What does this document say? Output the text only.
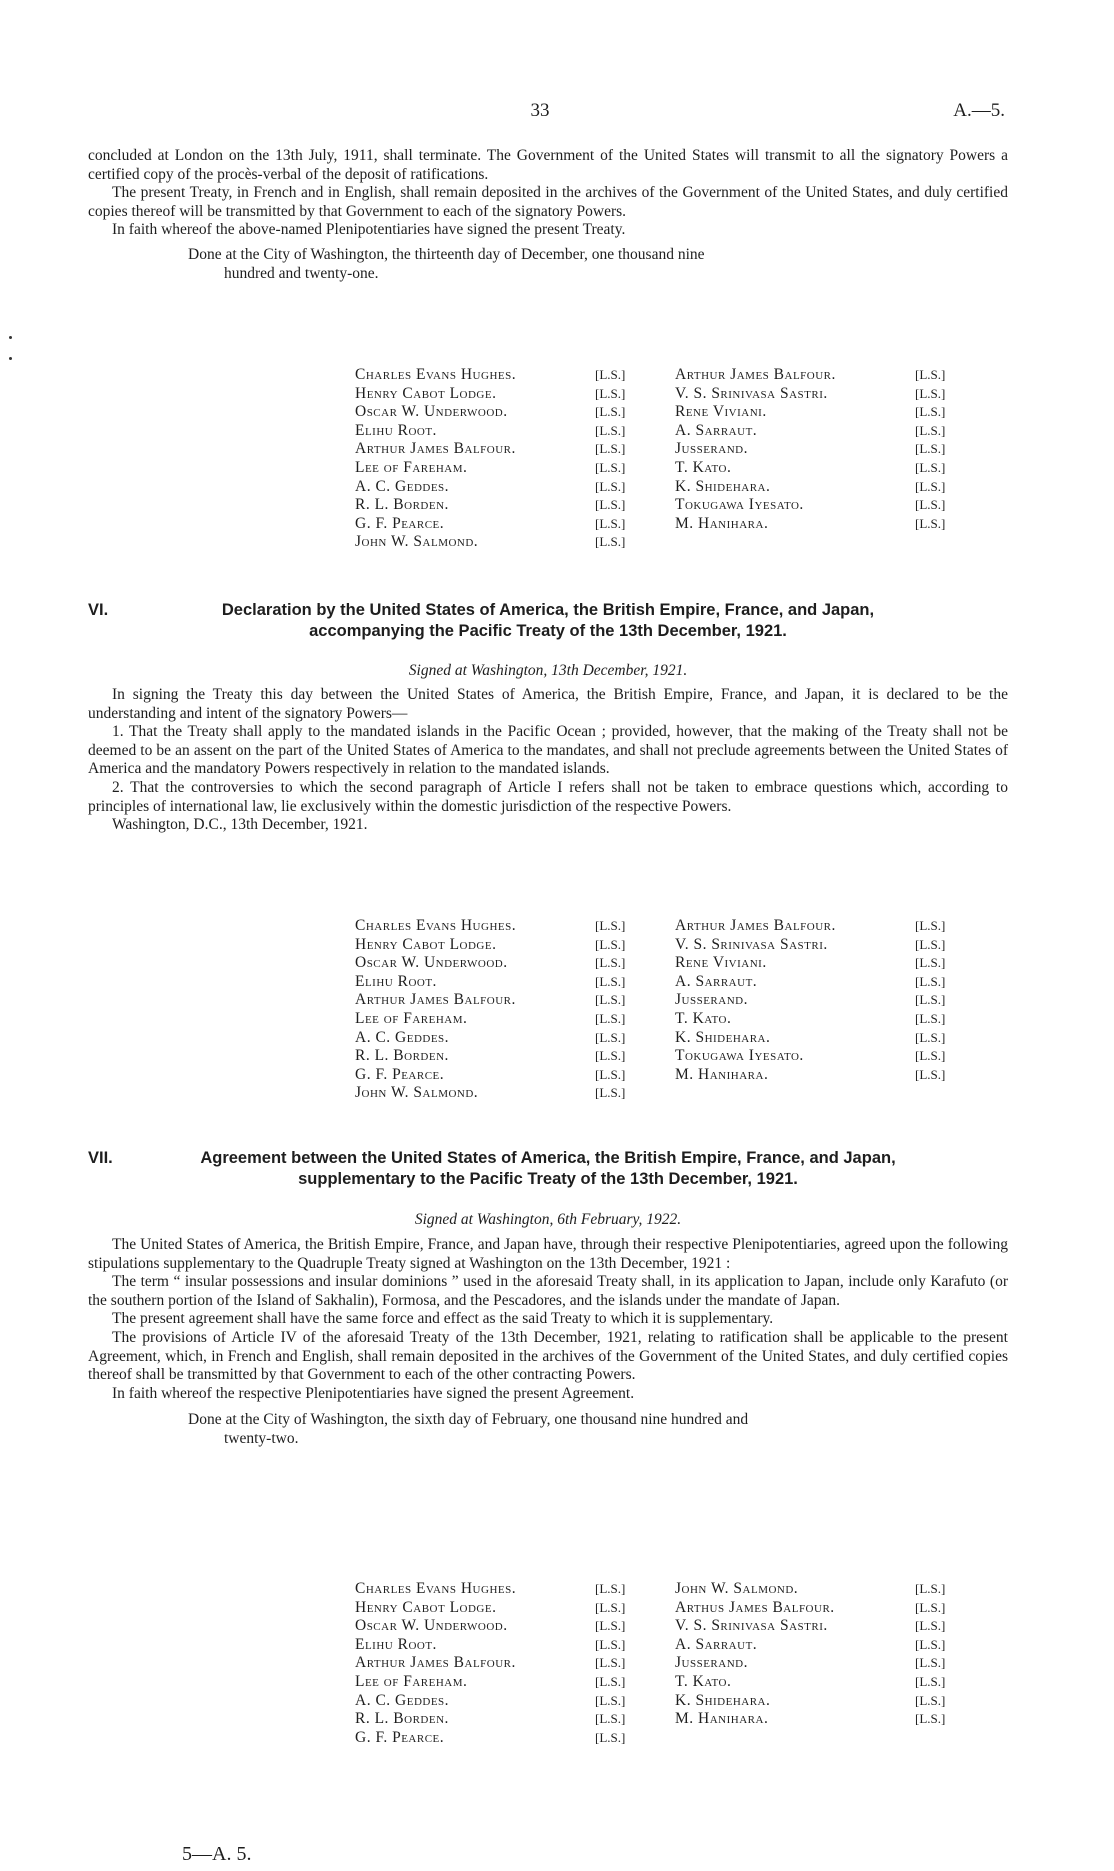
33	A.—5.

concluded at London on the 13th July, 1911, shall terminate. The Government of the United States will transmit to all the signatory Powers a certified copy of the procès-verbal of the deposit of ratifications.

The present Treaty, in French and in English, shall remain deposited in the archives of the Government of the United States, and duly certified copies thereof will be transmitted by that Government to each of the signatory Powers.

In faith whereof the above-named Plenipotentiaries have signed the present Treaty.

Done at the City of Washington, the thirteenth day of December, one thousand nine
hundred and twenty-one.

Charles Evans Hughes.	[L.S.]
Henry Cabot Lodge.	[L.S.]
Oscar W. Underwood.	[L.S.]
Elihu Root.	[L.S.]
Arthur James Balfour.	[L.S.]
Lee of Fareham.	[L.S.]
A. C. Geddes.	[L.S.]
R. L. Borden.	[L.S.]
G. F. Pearce.	[L.S.]
John W. Salmond.	[L.S.]
Arthur James Balfour.	[L.S.]
V. S. Srinivasa Sastri.	[L.S.]
Rene Viviani.	[L.S.]
A. Sarraut.	[L.S.]
Jusserand.	[L.S.]
T. Kato.	[L.S.]
K. Shidehara.	[L.S.]
Tokugawa Iyesato.	[L.S.]
M. Hanihara.	[L.S.]
VI.	Declaration by the United States of America, the British Empire, France, and Japan,
accompanying the Pacific Treaty of the 13th December, 1921.
Signed at Washington, 13th December, 1921.

In signing the Treaty this day between the United States of America, the British Empire, France, and Japan, it is declared to be the understanding and intent of the signatory Powers—

1. That the Treaty shall apply to the mandated islands in the Pacific Ocean ; provided, however, that the making of the Treaty shall not be deemed to be an assent on the part of the United States of America to the mandates, and shall not preclude agreements between the United States of America and the mandatory Powers respectively in relation to the mandated islands.

2. That the controversies to which the second paragraph of Article I refers shall not be taken to embrace questions which, according to principles of international law, lie exclusively within the domestic jurisdiction of the respective Powers.

Washington, D.C., 13th December, 1921.

Charles Evans Hughes.	[L.S.]
Henry Cabot Lodge.	[L.S.]
Oscar W. Underwood.	[L.S.]
Elihu Root.	[L.S.]
Arthur James Balfour.	[L.S.]
Lee of Fareham.	[L.S.]
A. C. Geddes.	[L.S.]
R. L. Borden.	[L.S.]
G. F. Pearce.	[L.S.]
John W. Salmond.	[L.S.]
Arthur James Balfour.	[L.S.]
V. S. Srinivasa Sastri.	[L.S.]
Rene Viviani.	[L.S.]
A. Sarraut.	[L.S.]
Jusserand.	[L.S.]
T. Kato.	[L.S.]
K. Shidehara.	[L.S.]
Tokugawa Iyesato.	[L.S.]
M. Hanihara.	[L.S.]
VII.	Agreement between the United States of America, the British Empire, France, and Japan,
supplementary to the Pacific Treaty of the 13th December, 1921.
Signed at Washington, 6th February, 1922.

The United States of America, the British Empire, France, and Japan have, through their respective Plenipotentiaries, agreed upon the following stipulations supplementary to the Quadruple Treaty signed at Washington on the 13th December, 1921 :

The term “ insular possessions and insular dominions ” used in the aforesaid Treaty shall, in its application to Japan, include only Karafuto (or the southern portion of the Island of Sakhalin), Formosa, and the Pescadores, and the islands under the mandate of Japan.

The present agreement shall have the same force and effect as the said Treaty to which it is supplementary.

The provisions of Article IV of the aforesaid Treaty of the 13th December, 1921, relating to ratification shall be applicable to the present Agreement, which, in French and English, shall remain deposited in the archives of the Government of the United States, and duly certified copies thereof shall be transmitted by that Government to each of the other contracting Powers.

In faith whereof the respective Plenipotentiaries have signed the present Agreement.

Done at the City of Washington, the sixth day of February, one thousand nine hundred and
twenty-two.

Charles Evans Hughes.	[L.S.]
Henry Cabot Lodge.	[L.S.]
Oscar W. Underwood.	[L.S.]
Elihu Root.	[L.S.]
Arthur James Balfour.	[L.S.]
Lee of Fareham.	[L.S.]
A. C. Geddes.	[L.S.]
R. L. Borden.	[L.S.]
G. F. Pearce.	[L.S.]
John W. Salmond.	[L.S.]
Arthus James Balfour.	[L.S.]
V. S. Srinivasa Sastri.	[L.S.]
A. Sarraut.	[L.S.]
Jusserand.	[L.S.]
T. Kato.	[L.S.]
K. Shidehara.	[L.S.]
M. Hanihara.	[L.S.]
5—A. 5.
